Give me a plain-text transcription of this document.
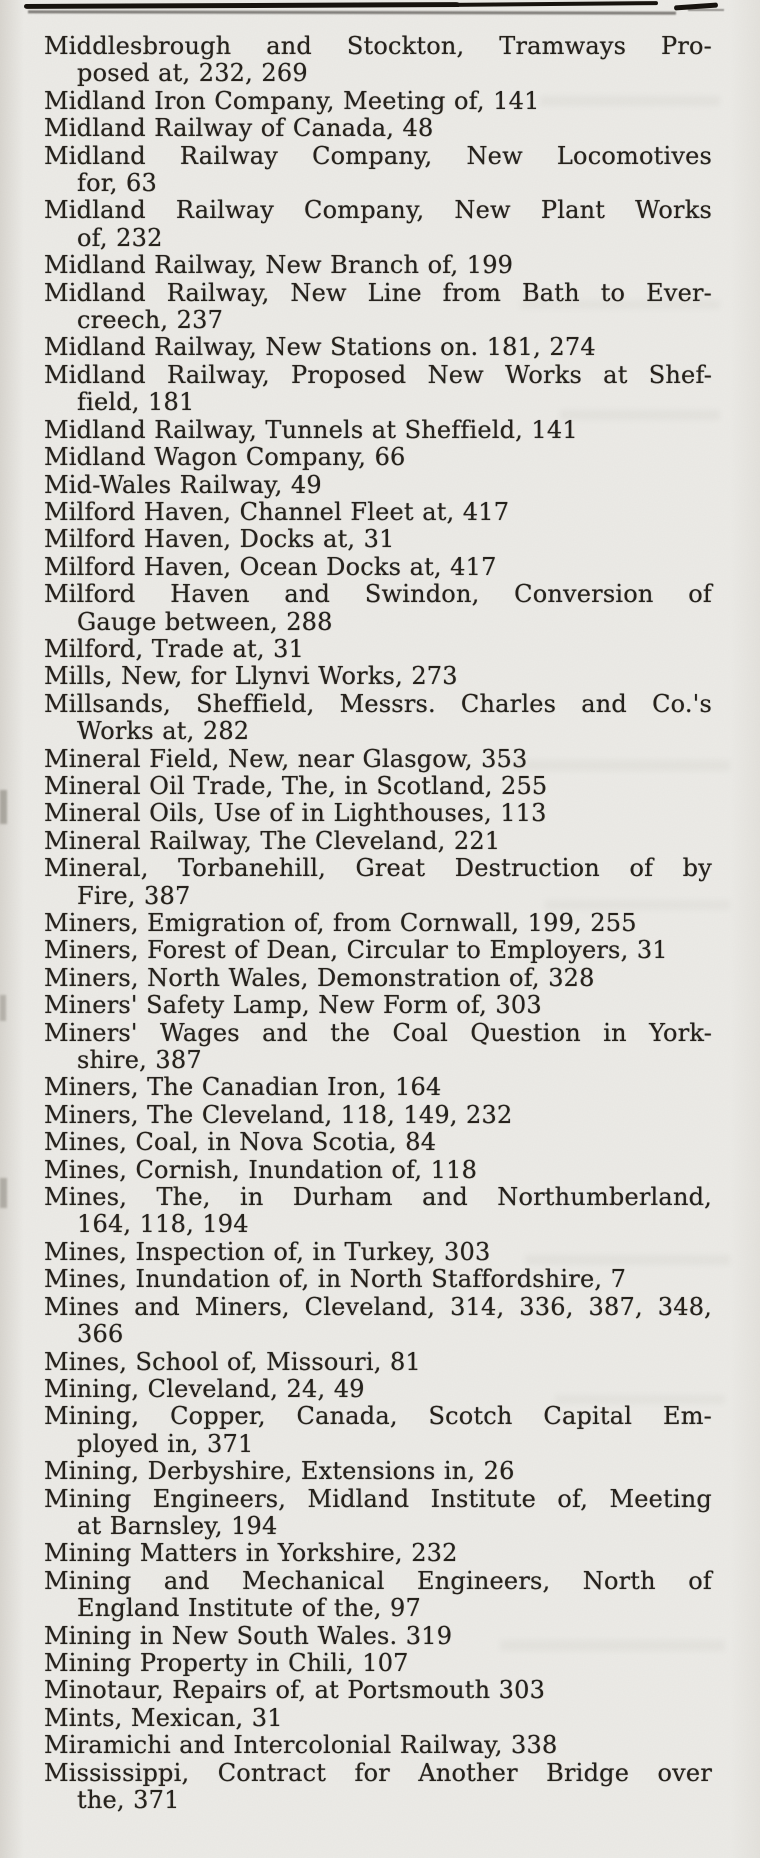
Middlesbrough and Stockton, Tramways Pro-
posed at, 232, 269
Midland Iron Company, Meeting of, 141
Midland Railway of Canada, 48
Midland Railway Company, New Locomotives
for, 63
Midland Railway Company, New Plant Works
of, 232
Midland Railway, New Branch of, 199
Midland Railway, New Line from Bath to Ever-
creech, 237
Midland Railway, New Stations on. 181, 274
Midland Railway, Proposed New Works at Shef-
field, 181
Midland Railway, Tunnels at Sheffield, 141
Midland Wagon Company, 66
Mid-Wales Railway, 49
Milford Haven, Channel Fleet at, 417
Milford Haven, Docks at, 31
Milford Haven, Ocean Docks at, 417
Milford Haven and Swindon, Conversion of
Gauge between, 288
Milford, Trade at, 31
Mills, New, for Llynvi Works, 273
Millsands, Sheffield, Messrs. Charles and Co.'s
Works at, 282
Mineral Field, New, near Glasgow, 353
Mineral Oil Trade, The, in Scotland, 255
Mineral Oils, Use of in Lighthouses, 113
Mineral Railway, The Cleveland, 221
Mineral, Torbanehill, Great Destruction of by
Fire, 387
Miners, Emigration of, from Cornwall, 199, 255
Miners, Forest of Dean, Circular to Employers, 31
Miners, North Wales, Demonstration of, 328
Miners' Safety Lamp, New Form of, 303
Miners' Wages and the Coal Question in York-
shire, 387
Miners, The Canadian Iron, 164
Miners, The Cleveland, 118, 149, 232
Mines, Coal, in Nova Scotia, 84
Mines, Cornish, Inundation of, 118
Mines, The, in Durham and Northumberland,
164, 118, 194
Mines, Inspection of, in Turkey, 303
Mines, Inundation of, in North Staffordshire, 7
Mines and Miners, Cleveland, 314, 336, 387, 348,
366
Mines, School of, Missouri, 81
Mining, Cleveland, 24, 49
Mining, Copper, Canada, Scotch Capital Em-
ployed in, 371
Mining, Derbyshire, Extensions in, 26
Mining Engineers, Midland Institute of, Meeting
at Barnsley, 194
Mining Matters in Yorkshire, 232
Mining and Mechanical Engineers, North of
England Institute of the, 97
Mining in New South Wales. 319
Mining Property in Chili, 107
Minotaur, Repairs of, at Portsmouth 303
Mints, Mexican, 31
Miramichi and Intercolonial Railway, 338
Mississippi, Contract for Another Bridge over
the, 371
